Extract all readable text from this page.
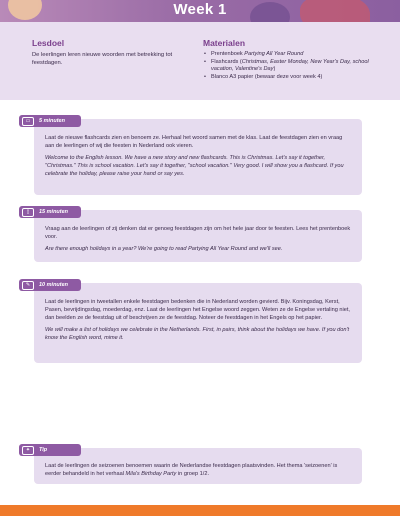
Week 1
Lesdoel

De leerlingen leren nieuwe woorden met betrekking tot feestdagen.

Materialen
• Prentenboek Partying All Year Round
• Flashcards (Christmas, Easter Monday, New Year's Day, school vacation, Valentine's Day)
• Blanco A3 papier (bewaar deze voor week 4)
▭	5 minuten

Laat de nieuwe flashcards zien en benoem ze. Herhaal het woord samen met de klas. Laat de feestdagen zien en vraag aan de leerlingen of wij die feesten in Nederland ook vieren.

Welcome to the English lesson. We have a new story and new flashcards. This is Christmas. Let's say it together, "Christmas." This is school vacation. Let's say it together, "school vacation." Very good. I will show you a flashcard. If you celebrate the holiday, please raise your hand or say yes.

▯	15 minuten

Vraag aan de leerlingen of zij denken dat er genoeg feestdagen zijn om het hele jaar door te feesten. Lees het prentenboek voor.

Are there enough holidays in a year? We're going to read Partying All Year Round and we'll see.

✎	10 minuten

Laat de leerlingen in tweetallen enkele feestdagen bedenken die in Nederland worden gevierd. Bijv. Koningsdag, Kerst, Pasen, bevrijdingsdag, moederdag, enz. Laat de leerlingen het Engelse woord zeggen. Weten ze de Engelse vertaling niet, dan beelden ze de feestdag uit of beschrijven ze de feestdag. Noteer de feestdagen in het Engels op het papier.

We will make a list of holidays we celebrate in the Netherlands. First, in pairs, think about the holidays we have. If you don't know the English word, mime it.

✦	Tip

Laat de leerlingen de seizoenen benoemen waarin de Nederlandse feestdagen plaatsvinden. Het thema 'seizoenen' is eerder behandeld in het verhaal Mila's Birthday Party in groep 1/2.
